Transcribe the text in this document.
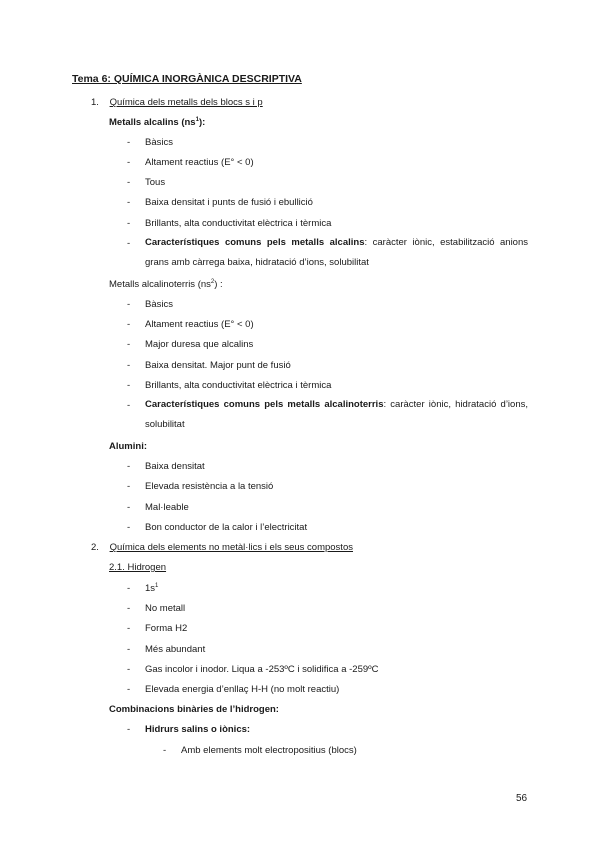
Tema 6: QUÍMICA INORGÀNICA DESCRIPTIVA
1. Química dels metalls dels blocs s i p
Metalls alcalins $(ns^1)$:
- Bàsics
- Altament reactius (E° < 0)
- Tous
- Baixa densitat i punts de fusió i ebullició
- Brillants, alta conductivitat elèctrica i tèrmica
- Característiques comuns pels metalls alcalins: caràcter iònic, estabilització anions grans amb càrrega baixa, hidratació d’ions, solubilitat
Metalls alcalinoterris $(ns^2)$ :
- Bàsics
- Altament reactius (E° < 0)
- Major duresa que alcalins
- Baixa densitat. Major punt de fusió
- Brillants, alta conductivitat elèctrica i tèrmica
- Característiques comuns pels metalls alcalinoterris: caràcter iònic, hidratació d’ions, solubilitat
Alumini:
- Baixa densitat
- Elevada resistència a la tensió
- Mal·leable
- Bon conductor de la calor i l’electricitat
2. Química dels elements no metàl·lics i els seus compostos
2.1. Hidrogen
- $1s^1$
- No metall
- Forma H2
- Més abundant
- Gas incolor i inodor. Liqua a -253ºC i solidifica a -259ºC
- Elevada energia d’enllaç H-H (no molt reactiu)
Combinacions binàries de l’hidrogen:
- Hidrurs salins o iònics:
- Amb elements molt electropositius (blocs)
56
